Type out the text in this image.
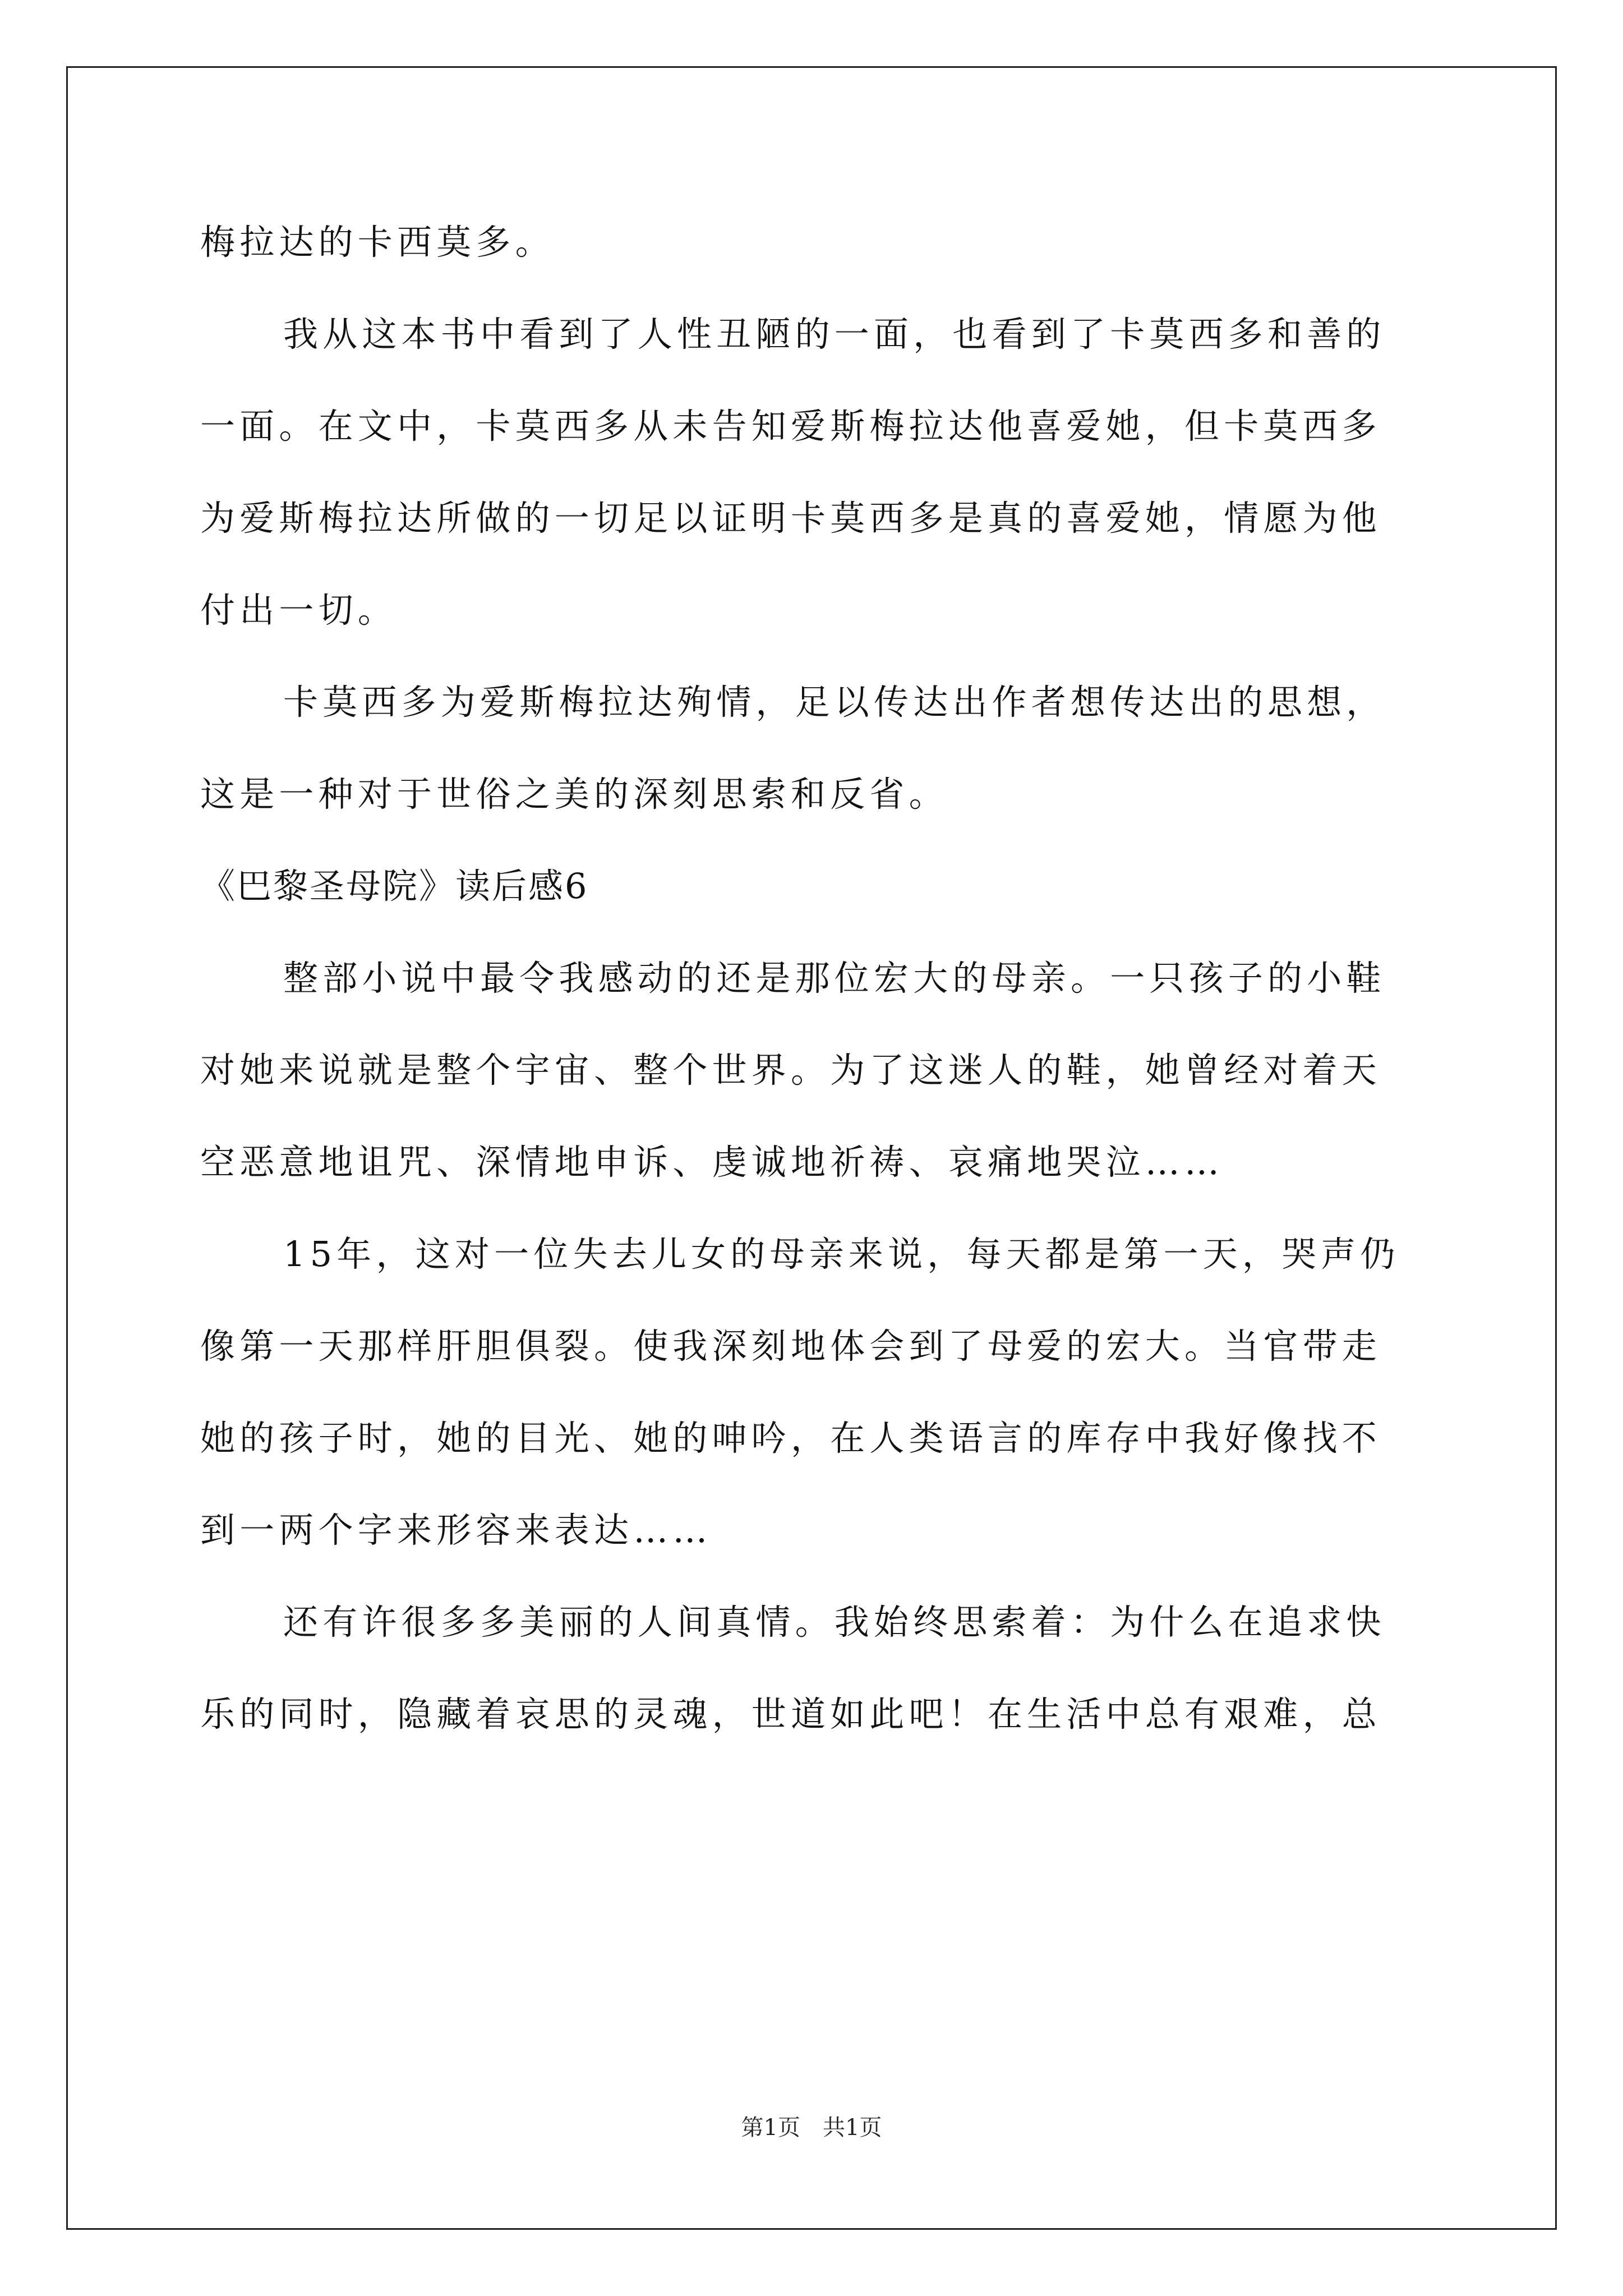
梅拉达的卡西莫多。
我从这本书中看到了人性丑陋的一面，也看到了卡莫西多和善的
一面。在文中，卡莫西多从未告知爱斯梅拉达他喜爱她，但卡莫西多
为爱斯梅拉达所做的一切足以证明卡莫西多是真的喜爱她，情愿为他
付出一切。
卡莫西多为爱斯梅拉达殉情，足以传达出作者想传达出的思想，
这是一种对于世俗之美的深刻思索和反省。
《巴黎圣母院》读后感6
整部小说中最令我感动的还是那位宏大的母亲。一只孩子的小鞋
对她来说就是整个宇宙、整个世界。为了这迷人的鞋，她曾经对着天
空恶意地诅咒、深情地申诉、虔诚地祈祷、哀痛地哭泣……
15年，这对一位失去儿女的母亲来说，每天都是第一天，哭声仍
像第一天那样肝胆俱裂。使我深刻地体会到了母爱的宏大。当官带走
她的孩子时，她的目光、她的呻吟，在人类语言的库存中我好像找不
到一两个字来形容来表达……
还有许很多多美丽的人间真情。我始终思索着：为什么在追求快
乐的同时，隐藏着哀思的灵魂，世道如此吧！在生活中总有艰难，总
第1页 共1页
